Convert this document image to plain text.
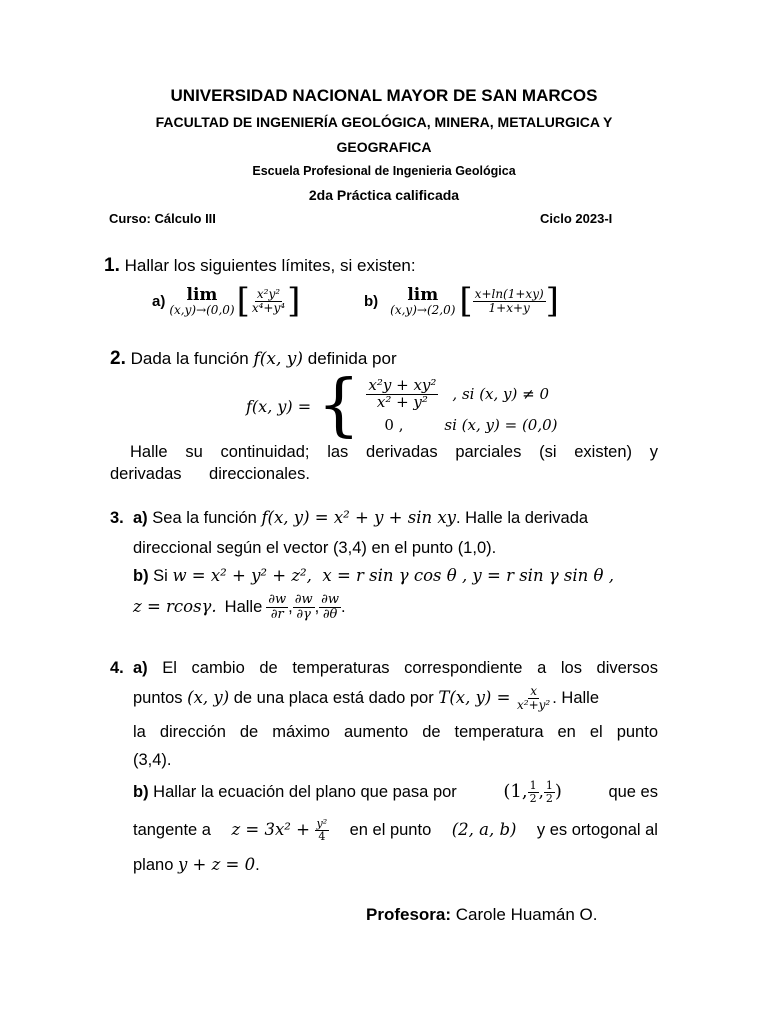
UNIVERSIDAD NACIONAL MAYOR DE SAN MARCOS
FACULTAD DE INGENIERÍA GEOLÓGICA, MINERA, METALURGICA Y
GEOGRAFICA
Escuela Profesional de Ingenieria Geológica
2da Práctica calificada
Curso: Cálculo III	Ciclo 2023-I
1. Hallar los siguientes límites, si existen:
a) lim
(x,y)→(0,0) [ $\frac{\text{x²y²}}{\text{x⁴+y⁴}}$ ]	b) lim
(x,y)→(2,0) [ $\frac{x+\ln(1+xy)}{1+x+y}$ ]
2. Dada la función f(x, y) definida por
f(x, y) = { $\frac{\text{x²y + xy²}}{\text{x² + y²}}$ , si (x, y) ≠ 0
0 ,	si (x, y) = (0,0)
Halle su continuidad; las derivadas parciales (si existen) y
derivadas      direccionales.
3. a) Sea la función f(x, y) = x² + y + sin xy. Halle la derivada
direccional según el vector (3,4) en el punto (1,0).
b) Si w = x² + y² + z²,  x = r sin γ cos θ , y = r sin γ sin θ ,
z = rcosγ. Halle $\frac{\partial w}{\partial r}$ , $\frac{\partial w}{\partial\gamma}$ , $\frac{\partial w}{\partial\theta}$ .
4. a) El cambio de temperaturas correspondiente a los diversos
puntos
(x, y)
de una placa está dado por
T(x, y) =
$\frac{x}{\text{x²+y²}}$ . Halle
la dirección de máximo aumento de temperatura en el punto
(3,4).
b) Hallar la ecuación del plano que pasa por	(1, $\frac{1}{2}$ , $\frac{1}{2}$ )	que es
tangente a z = 3x² +
$\frac{\text{y²}}{4}$ en el punto (2, a, b) y es ortogonal al
plano y + z = 0.
Profesora: Carole Huamán O.
